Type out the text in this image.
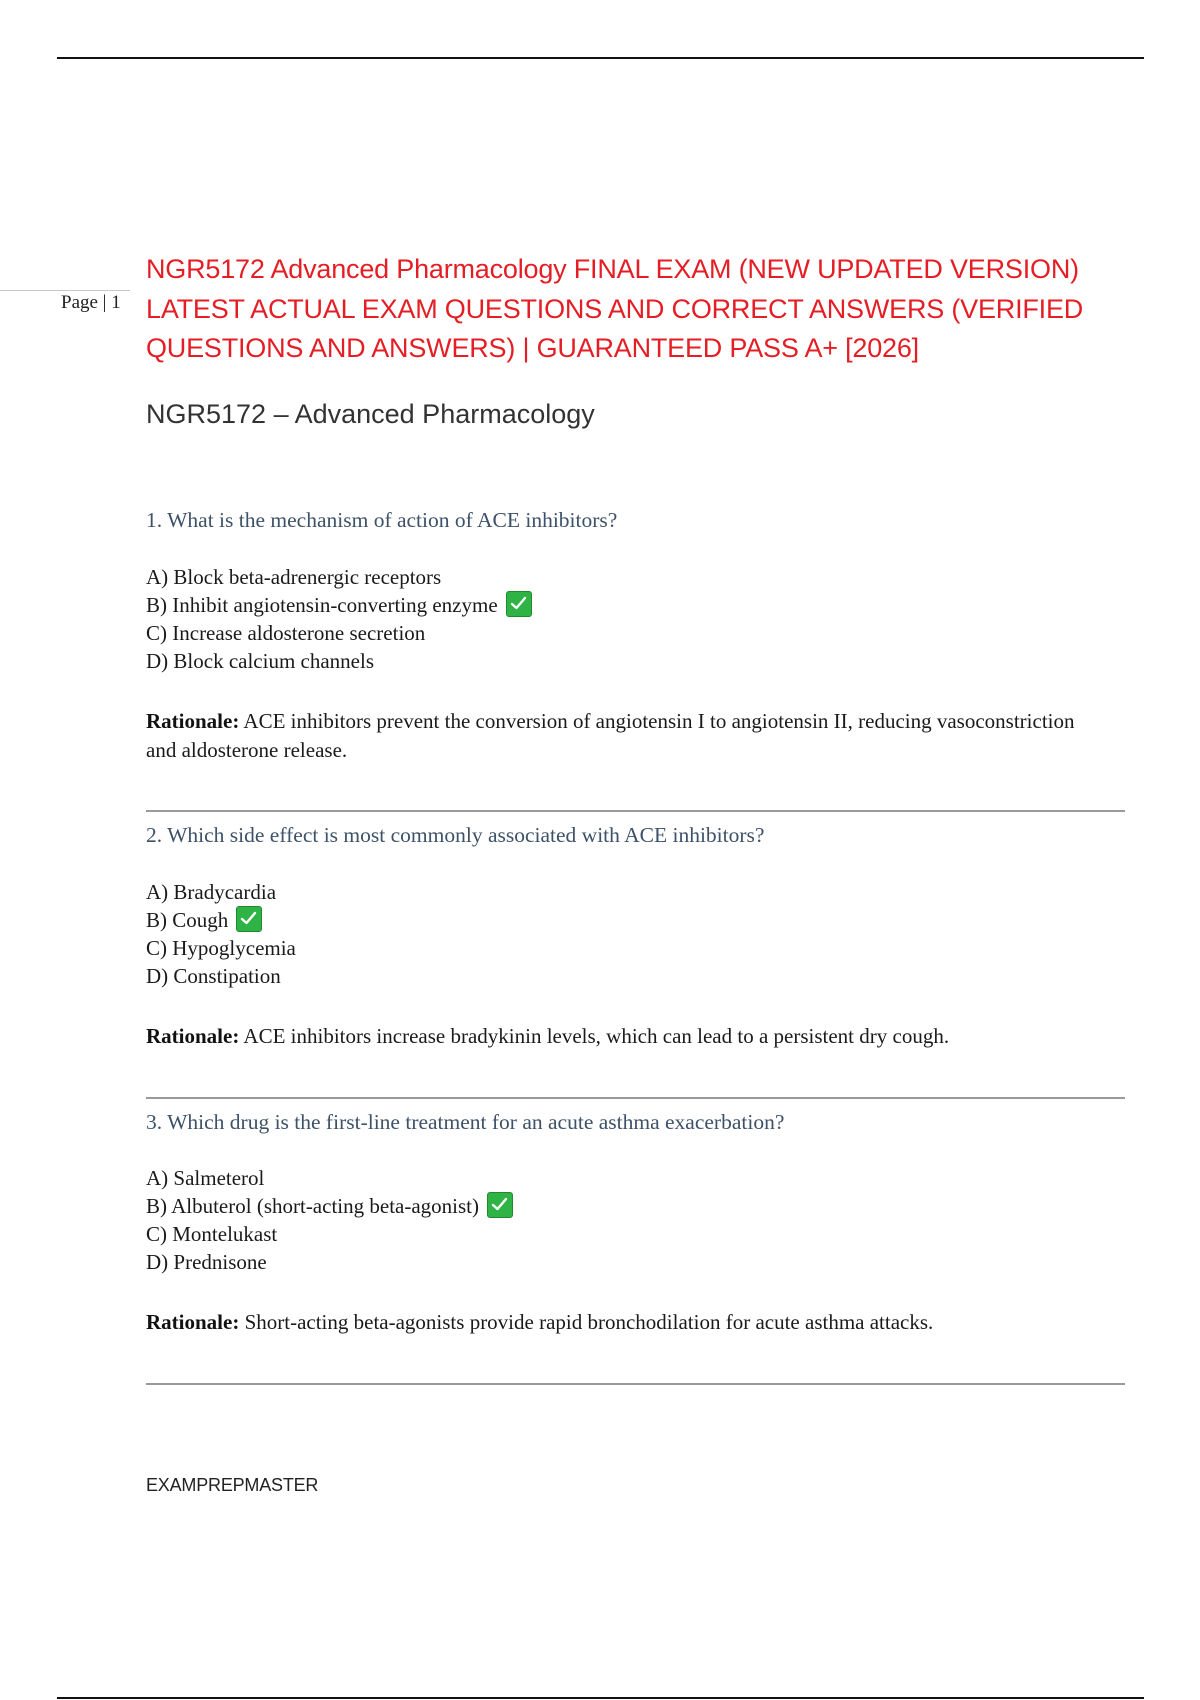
Page | 1
NGR5172 Advanced Pharmacology FINAL EXAM (NEW UPDATED VERSION)
LATEST ACTUAL EXAM QUESTIONS AND CORRECT ANSWERS (VERIFIED
QUESTIONS AND ANSWERS) | GUARANTEED PASS A+ [2026]
NGR5172 – Advanced Pharmacology
1. What is the mechanism of action of ACE inhibitors?
A) Block beta-adrenergic receptors
B) Inhibit angiotensin-converting enzyme
C) Increase aldosterone secretion
D) Block calcium channels

Rationale: ACE inhibitors prevent the conversion of angiotensin I to angiotensin II, reducing vasoconstriction and aldosterone release.

2. Which side effect is most commonly associated with ACE inhibitors?
A) Bradycardia
B) Cough
C) Hypoglycemia
D) Constipation

Rationale: ACE inhibitors increase bradykinin levels, which can lead to a persistent dry cough.

3. Which drug is the first-line treatment for an acute asthma exacerbation?
A) Salmeterol
B) Albuterol (short-acting beta-agonist)
C) Montelukast
D) Prednisone

Rationale: Short-acting beta-agonists provide rapid bronchodilation for acute asthma attacks.

EXAMPREPMASTER
